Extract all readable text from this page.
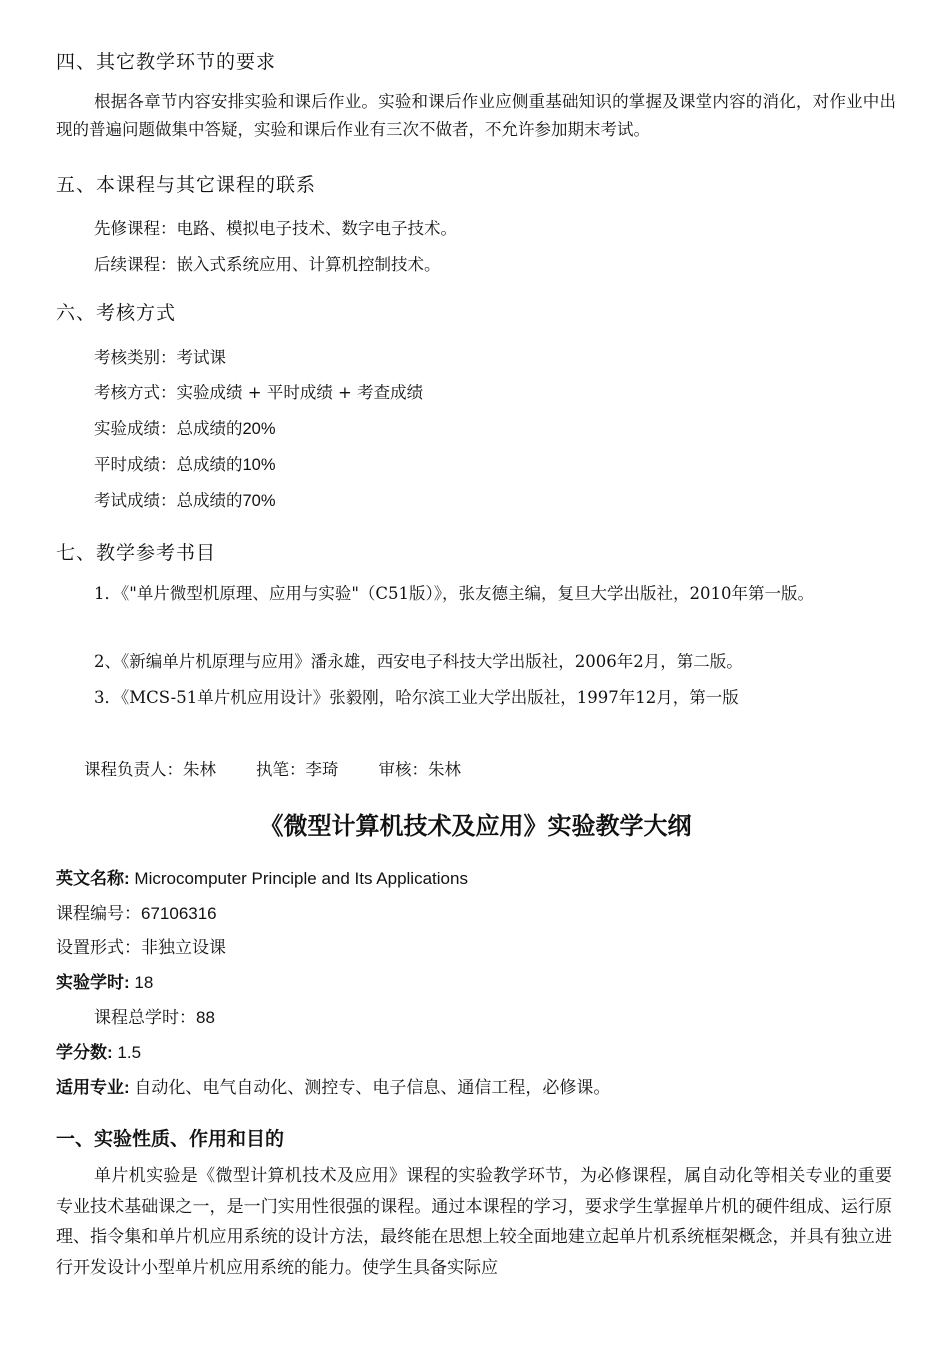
四、其它教学环节的要求
根据各章节内容安排实验和课后作业。实验和课后作业应侧重基础知识的掌握及课堂内容的消化，对作业中出现的普遍问题做集中答疑，实验和课后作业有三次不做者，不允许参加期末考试。
五、本课程与其它课程的联系
先修课程：电路、模拟电子技术、数字电子技术。
后续课程：嵌入式系统应用、计算机控制技术。
六、考核方式
考核类别：考试课
考核方式：实验成绩 + 平时成绩 + 考查成绩
实验成绩：总成绩的20%
平时成绩：总成绩的10%
考试成绩：总成绩的70%
七、教学参考书目
1．《"单片微型机原理、应用与实验"（C51版）》，张友德主编，复旦大学出版社，2010年第一版。
2、《新编单片机原理与应用》潘永雄，西安电子科技大学出版社，2006年2月，第二版。
3．《MCS-51单片机应用设计》张毅刚，哈尔滨工业大学出版社，1997年12月，第一版
课程负责人：朱林 执笔：李琦 审核：朱林
《微型计算机技术及应用》实验教学大纲
英文名称: Microcomputer Principle and Its Applications
课程编号：67106316
设置形式：非独立设课
实验学时: 18
课程总学时：88
学分数: 1.5
适用专业: 自动化、电气自动化、测控专、电子信息、通信工程，必修课。
一、实验性质、作用和目的
单片机实验是《微型计算机技术及应用》课程的实验教学环节，为必修课程，属自动化等相关专业的重要专业技术基础课之一，是一门实用性很强的课程。通过本课程的学习，要求学生掌握单片机的硬件组成、运行原理、指令集和单片机应用系统的设计方法，最终能在思想上较全面地建立起单片机系统框架概念，并具有独立进行开发设计小型单片机应用系统的能力。使学生具备实际应
